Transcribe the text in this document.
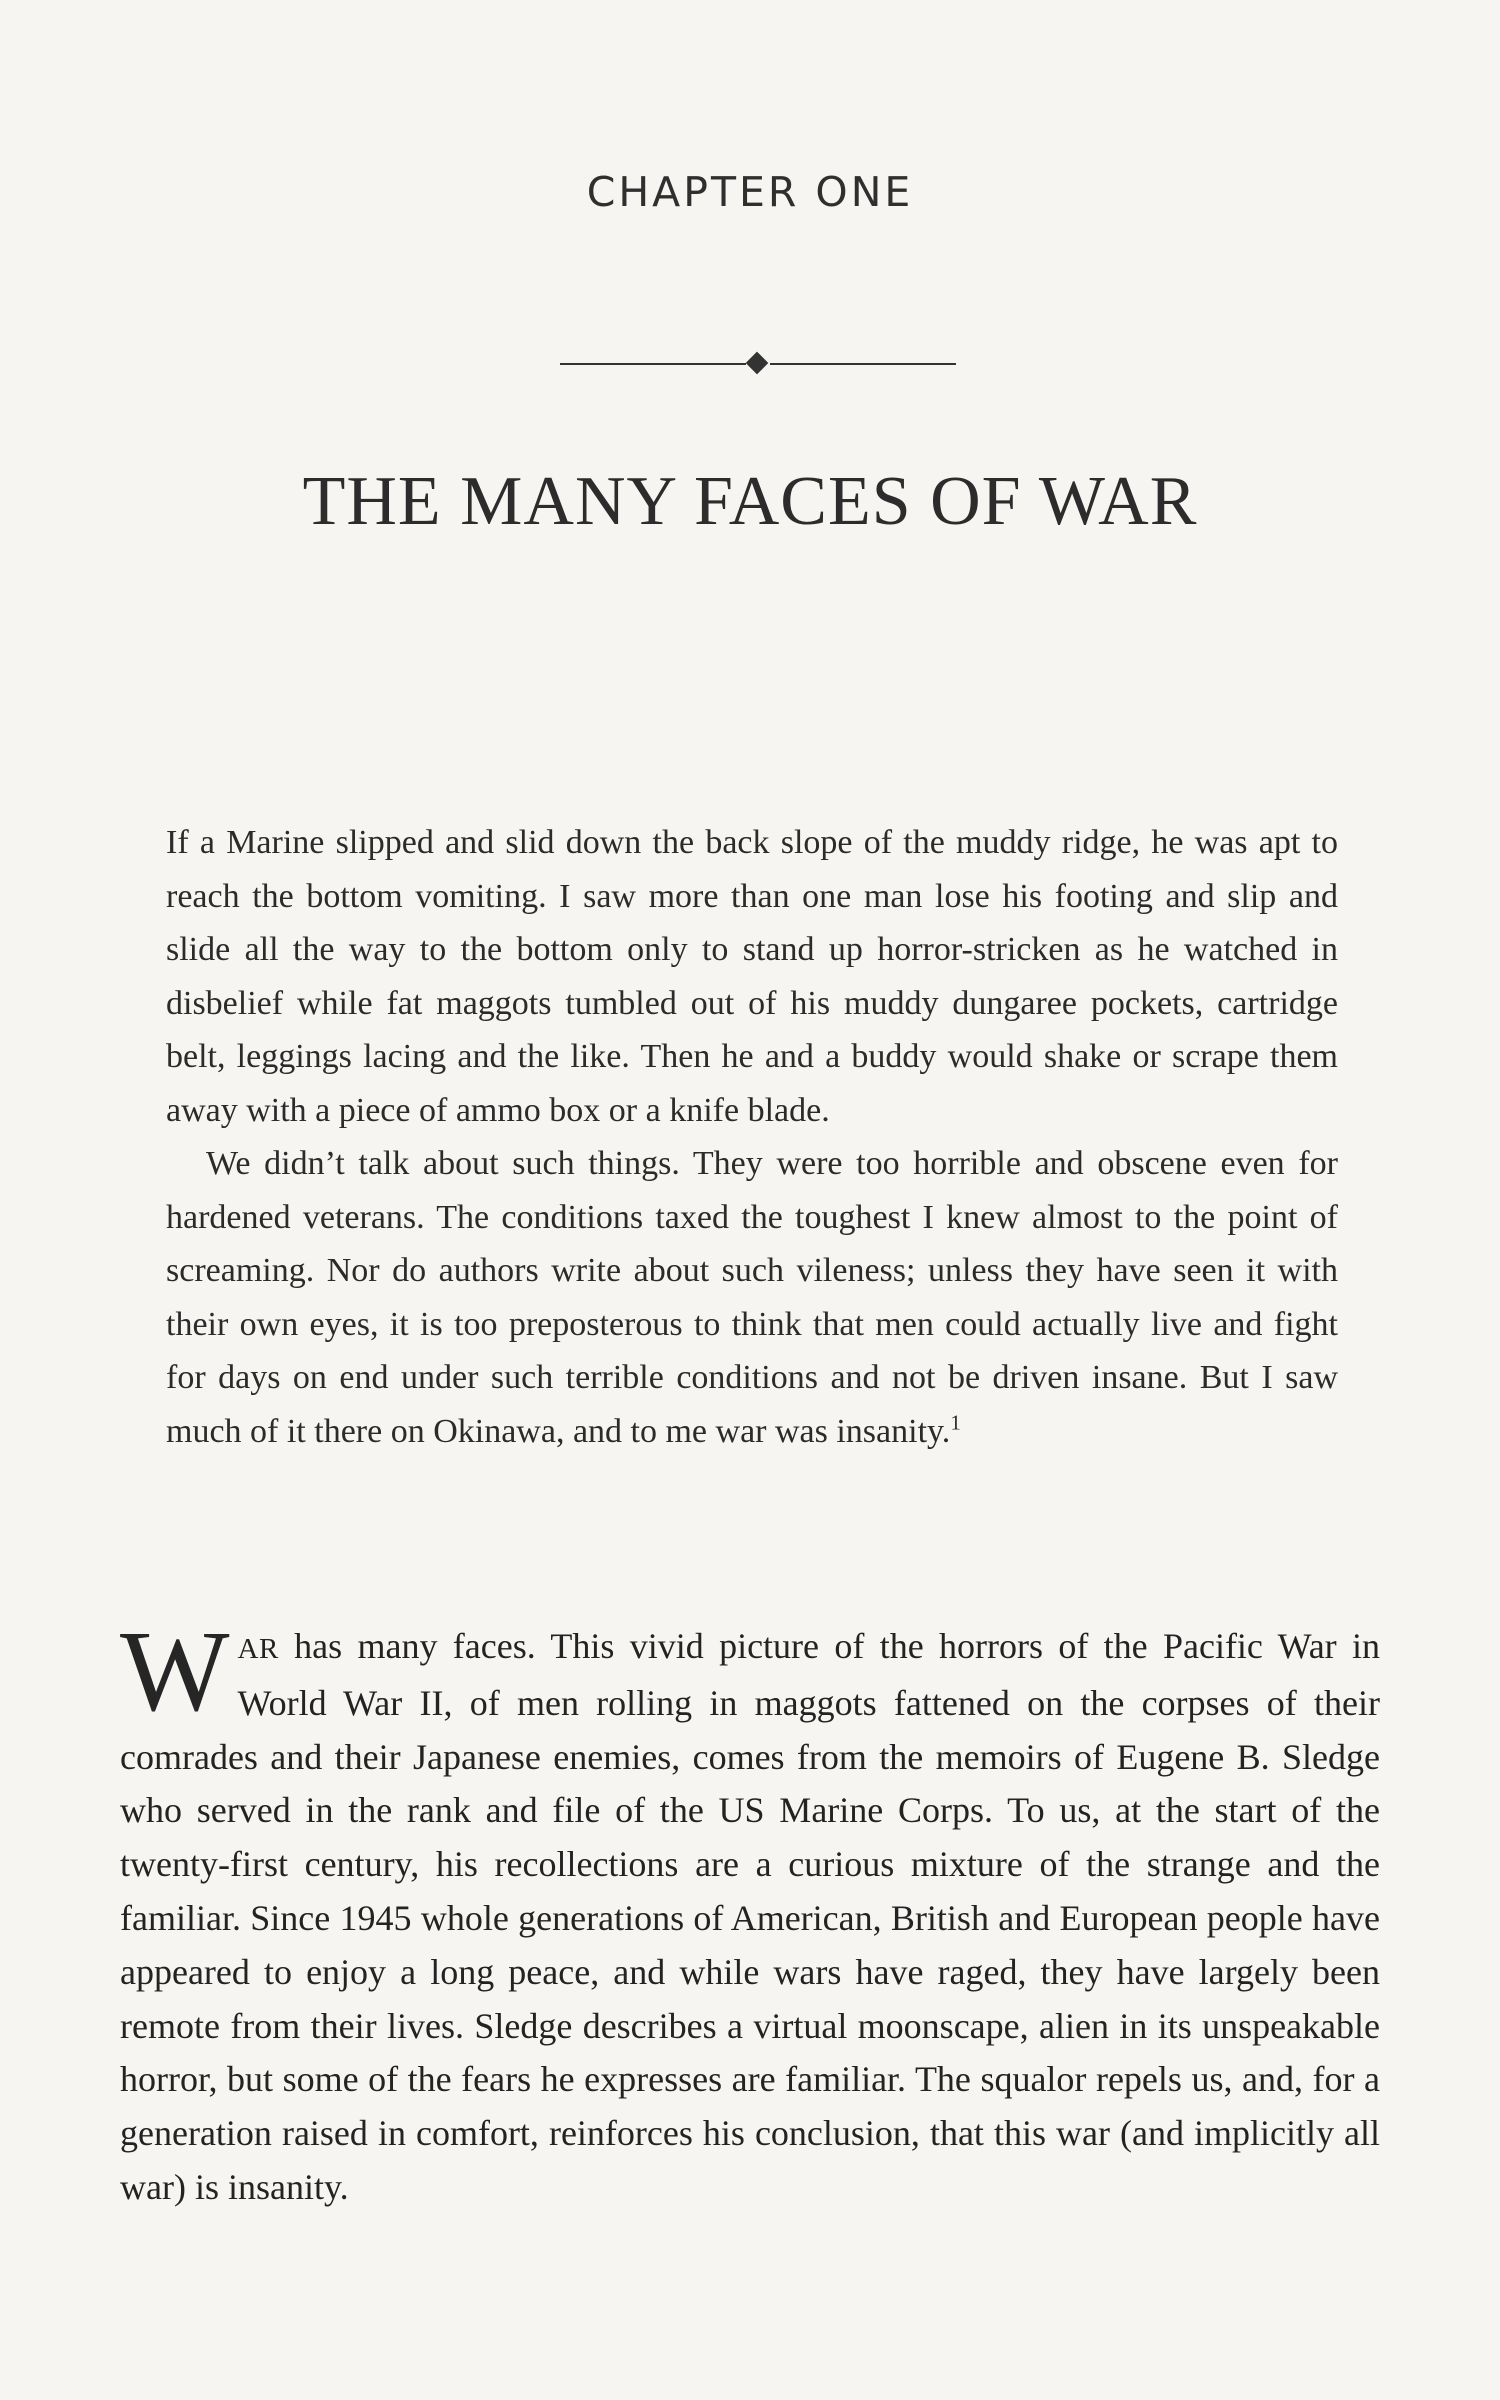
CHAPTER ONE
THE MANY FACES OF WAR

If a Marine slipped and slid down the back slope of the muddy ridge, he was apt to reach the bottom vomiting. I saw more than one man lose his footing and slip and slide all the way to the bottom only to stand up horror-stricken as he watched in disbelief while fat maggots tumbled out of his muddy dungaree pockets, cartridge belt, leggings lacing and the like. Then he and a buddy would shake or scrape them away with a piece of ammo box or a knife blade.

We didn’t talk about such things. They were too horrible and obscene even for hardened veterans. The conditions taxed the toughest I knew almost to the point of screaming. Nor do authors write about such vileness; unless they have seen it with their own eyes, it is too preposterous to think that men could actually live and fight for days on end under such terrible conditions and not be driven insane. But I saw much of it there on Okinawa, and to me war was insanity.$^1$

WAR has many faces. This vivid picture of the horrors of the Pacific War in World War II, of men rolling in maggots fattened on the corpses of their comrades and their Japanese enemies, comes from the memoirs of Eugene B. Sledge who served in the rank and file of the US Marine Corps. To us, at the start of the twenty-first century, his recollections are a curious mixture of the strange and the familiar. Since 1945 whole generations of American, British and European people have appeared to enjoy a long peace, and while wars have raged, they have largely been remote from their lives. Sledge describes a virtual moonscape, alien in its unspeakable horror, but some of the fears he expresses are familiar. The squalor repels us, and, for a generation raised in comfort, reinforces his conclusion, that this war (and implicitly all war) is insanity.
